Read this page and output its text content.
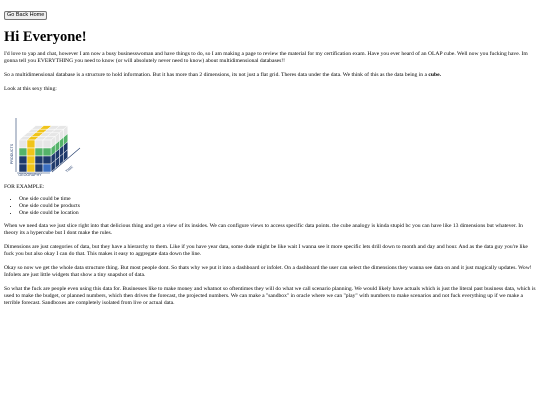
Go Back Home
Hi Everyone!

I'd love to yap and chat, however I am now a busy businesswoman and have things to do, so I am making a page to review the material for my certification exam. Have you ever heard of an OLAP cube. Well now you fucking have. Im gonna tell you EVERYTHING you need to know (or will absolutely never need to know) about multidimensional databases!!

So a multidimensional database is a structure to hold information. But it has more than 2 dimensions, its not just a flat grid. Theres data under the data. We think of this as the data being in a cube.

Look at this sexy thing:

PRODUCTS
GEOGRAPHY
TIME

FOR EXAMPLE:

• One side could be time
• One side could be products
• One side could be location

When we need data we just slice right into that delicious thing and get a view of its insides. We can configure views to access specific data points. the cube analogy is kinda stupid bc you can have like 13 dimensions but whatever. In theory its a hypercube but I dont make the rules.

Dimensions are just categories of data, but they have a hierarchy to them. Like if you have year data, some dude might be like wait I wanna see it more specific lets drill down to month and day and hour. And as the data guy you're like fuck you but also okay I can do that. This makes it easy to aggregate data down the line.

Okay so now we get the whole data structure thing. But most people dont. So thats why we put it into a dashboard or infolet. On a dashboard the user can select the dimensions they wanna see data on and it just magically updates. Wow! Infolets are just little widgets that show a tiny snapshot of data.

So what the fuck are people even using this data for. Businesses like to make money and whatnot so oftentimes they will do what we call scenario planning. We would likely have actuals which is just the literal past business data, which is used to make the budget, or planned numbers, which then drives the forecast, the projected numbers. We can make a "sandbox" in oracle where we can "play" with numbers to make scenarios and not fuck everything up if we make a terrible forecast. Sandboxes are completely isolated from live or actual data.
